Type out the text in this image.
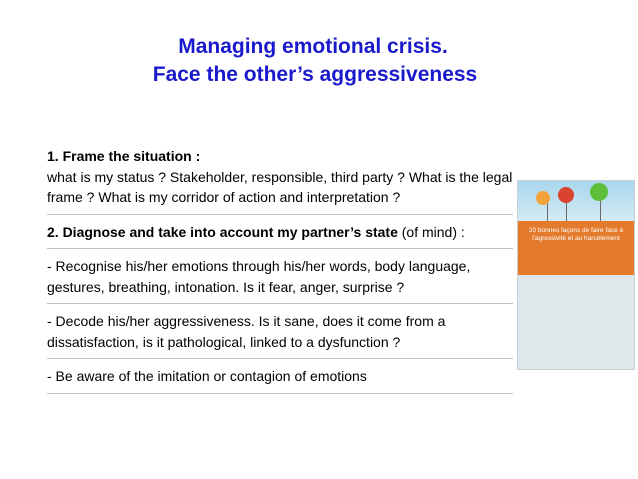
Managing emotional crisis.
Face the other’s aggressiveness

1. Frame the situation :

what is my status ? Stakeholder, responsible, third party ? What is the legal frame ? What is my corridor of action and interpretation ?

2. Diagnose and take into account my partner’s state (of mind) :

- Recognise his/her emotions through his/her words, body language, gestures, breathing, intonation. Is it fear, anger, surprise ?

- Decode his/her aggressiveness. Is it sane, does it come from a dissatisfaction, is it pathological, linked to a dysfunction ?

- Be aware of the imitation or contagion of emotions

20 bonnes façons de faire face à l'agressivité et au harcèlement
